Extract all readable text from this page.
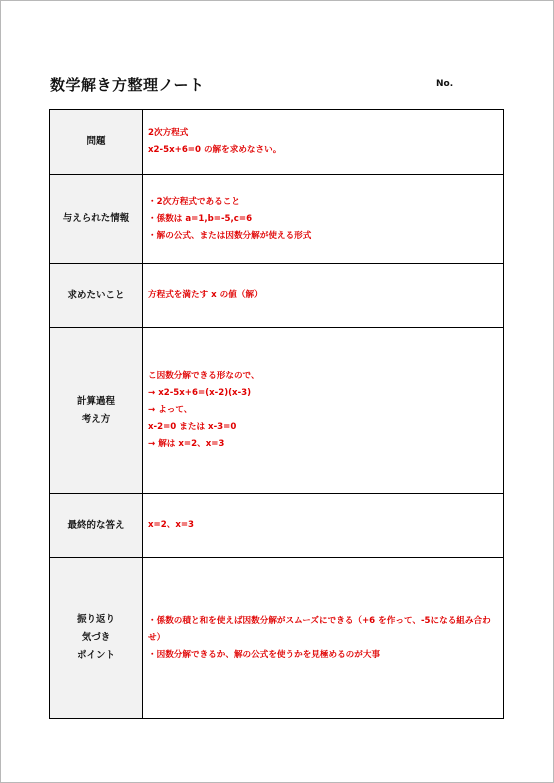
数学解き方整理ノート	No.
問題	2次方程式
x2-5x+6=0 の解を求めなさい。

与えられた情報	・2次方程式であること
・係数は a=1,b=-5,c=6
・解の公式、または因数分解が使える形式

求めたいこと	方程式を満たす x の値（解）

計算過程
考え方	こ因数分解できる形なので、
→ x2-5x+6=(x-2)(x-3)
→ よって、
x-2=0 または x-3=0
→ 解は x=2、x=3

最終的な答え	x=2、x=3

振り返り
気づき
ポイント	・係数の積と和を使えば因数分解がスムーズにできる（+6 を作って、-5になる組み合わせ）
・因数分解できるか、解の公式を使うかを見極めるのが大事
